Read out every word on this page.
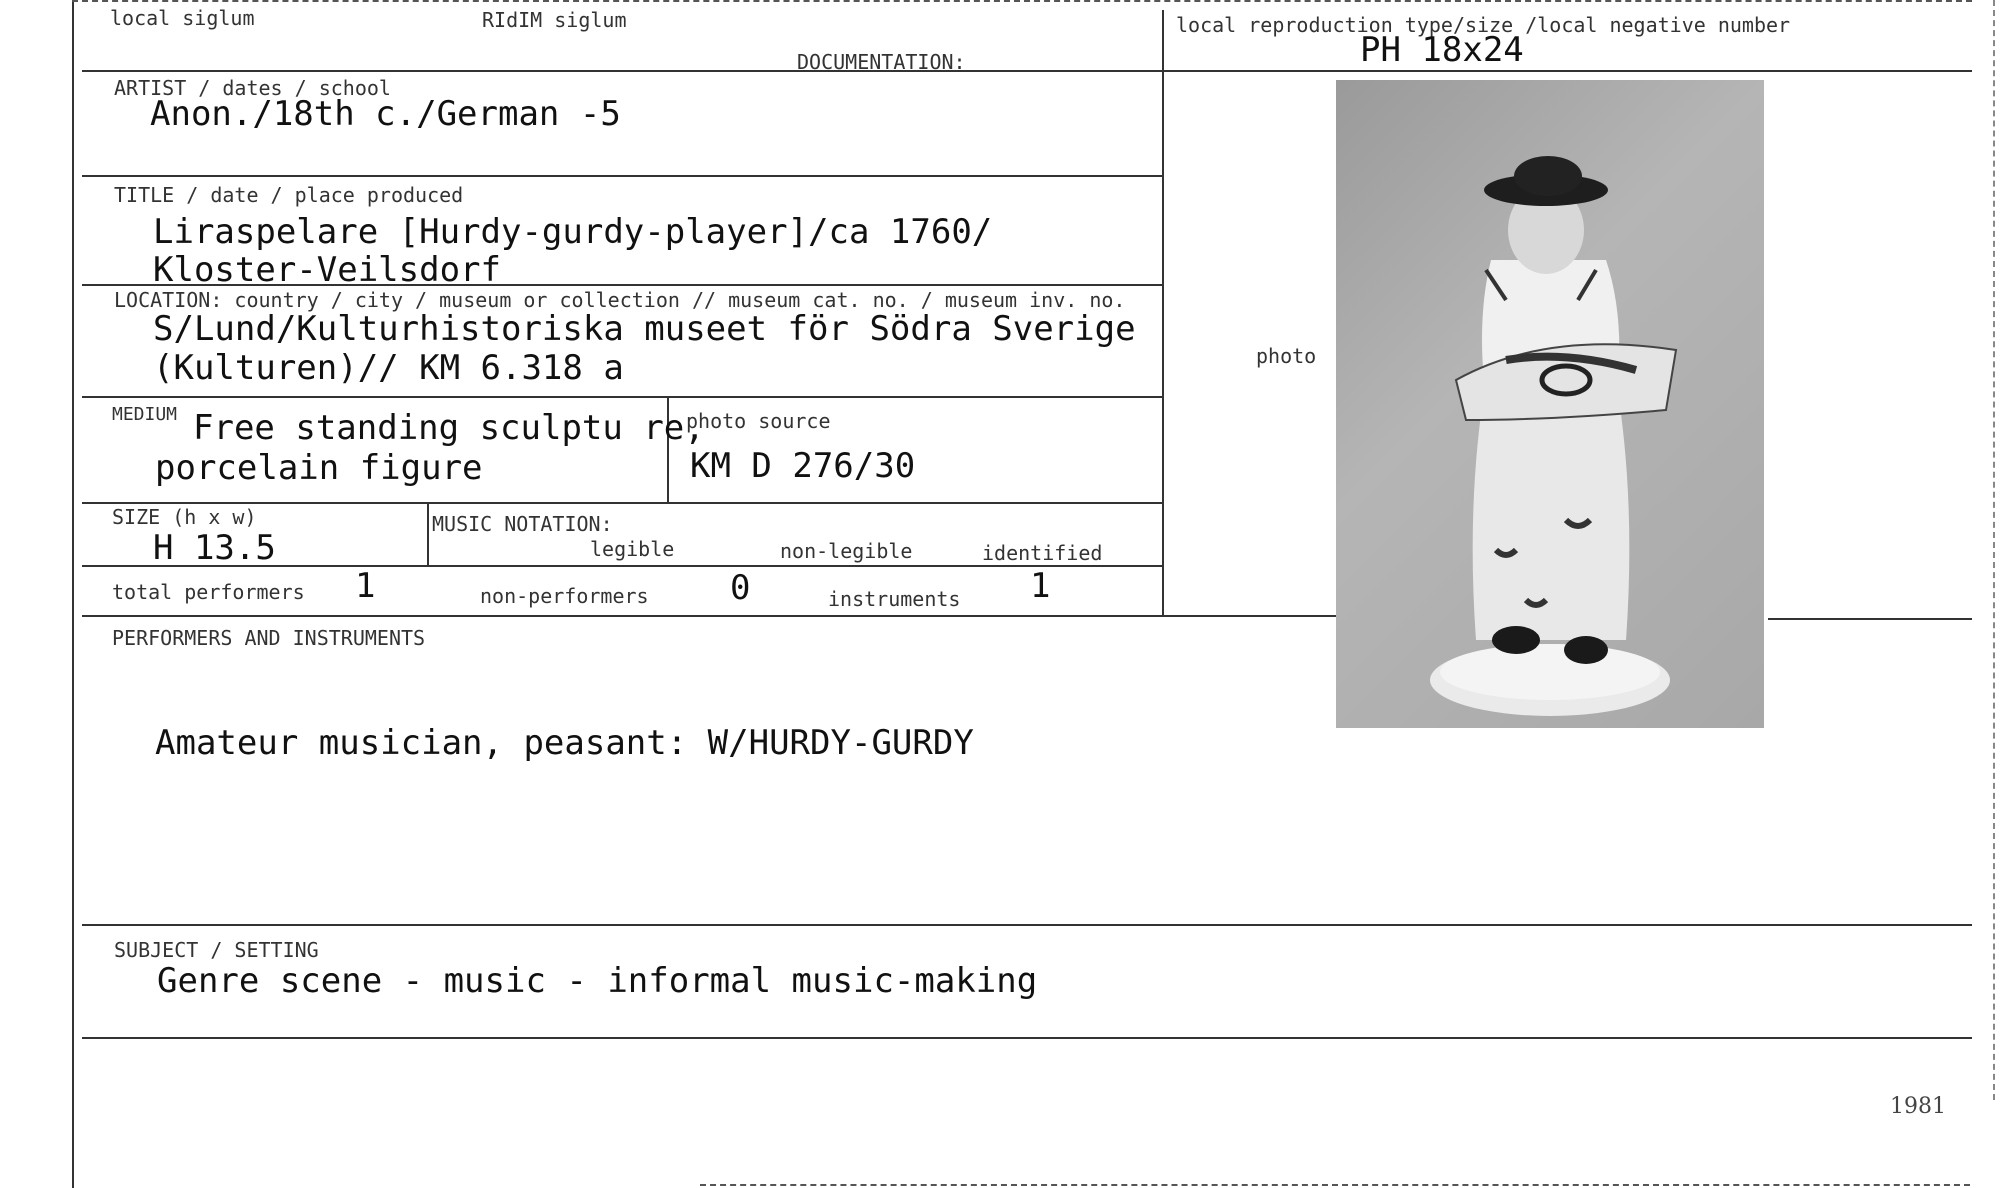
local siglum	RIdIM siglum
DOCUMENTATION:
local reproduction type/size /local negative number
PH 18x24
ARTIST / dates / school
Anon./18th c./German -5
TITLE / date / place produced
Liraspelare [Hurdy-gurdy-player]/ca 1760/
Kloster-Veilsdorf
LOCATION: country / city / museum or collection // museum cat. no. / museum inv. no.
S/Lund/Kulturhistoriska museet för Södra Sverige
(Kulturen)// KM 6.318 a
MEDIUM Free standing sculptu re,
porcelain figure
photo source
KM D 276/30
photo
SIZE (h x w)
H 13.5
MUSIC NOTATION:
legible	non-legible	identified
total performers 1	non-performers 0	instruments 1
PERFORMERS AND INSTRUMENTS
Amateur musician, peasant: W/HURDY-GURDY
SUBJECT / SETTING
Genre scene - music - informal music-making
1981
